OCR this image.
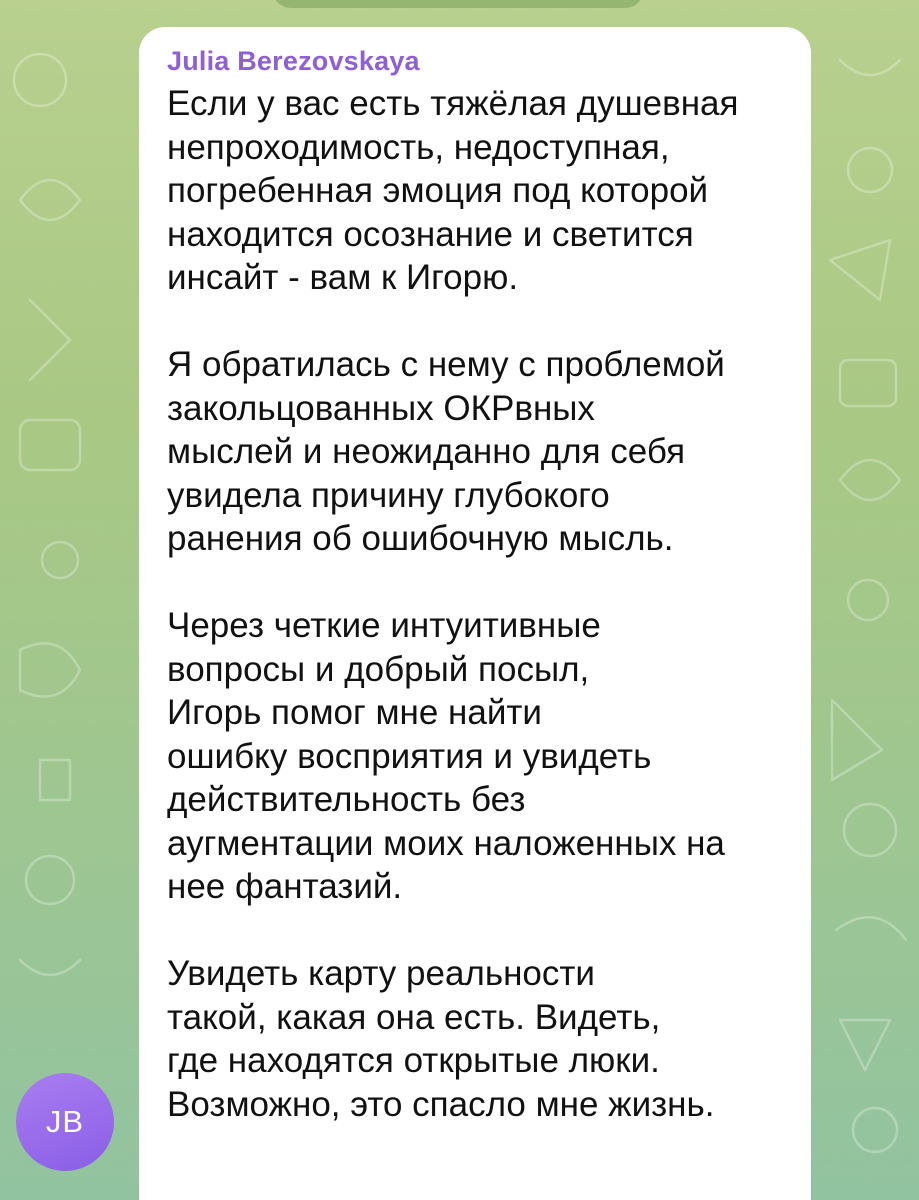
Julia Berezovskaya
Если у вас есть тяжёлая душевная
непроходимость, недоступная,
погребенная эмоция под которой
находится осознание и светится
инсайт - вам к Игорю.
Я обратилась с нему с проблемой
закольцованных ОКРвных
мыслей и неожиданно для себя
увидела причину глубокого
ранения об ошибочную мысль.
Через четкие интуитивные
вопросы и добрый посыл,
Игорь помог мне найти
ошибку восприятия и увидеть
действительность без
аугментации моих наложенных на
нее фантазий.
Увидеть карту реальности
такой, какая она есть. Видеть,
где находятся открытые люки.
Возможно, это спасло мне жизнь.
JB
